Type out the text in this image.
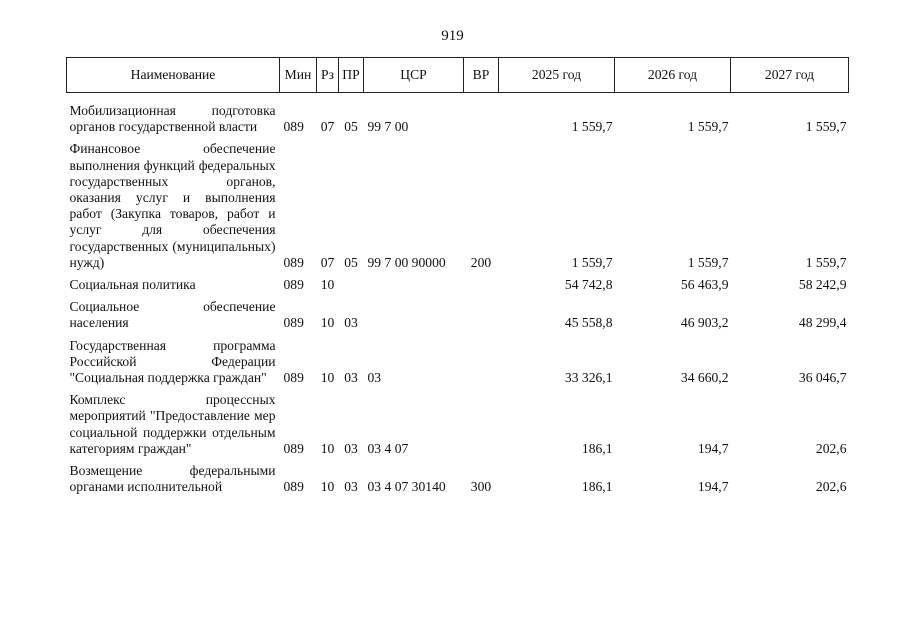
919
Наименование	Мин	Рз	ПР	ЦСР	ВР	2025 год	2026 год	2027 год
Мобилизационная подготовка органов государственной власти	089	07	05	99 7 00		1 559,7	1 559,7	1 559,7
Финансовое обеспечение выполнения функций федеральных государственных органов, оказания услуг и выполнения работ (Закупка товаров, работ и услуг для обеспечения государственных (муниципальных) нужд)	089	07	05	99 7 00 90000	200	1 559,7	1 559,7	1 559,7
Социальная политика	089	10				54 742,8	56 463,9	58 242,9
Социальное обеспечение населения	089	10	03			45 558,8	46 903,2	48 299,4
Государственная программа Российской Федерации "Социальная поддержка граждан"	089	10	03	03		33 326,1	34 660,2	36 046,7
Комплекс процессных мероприятий "Предоставление мер социальной поддержки отдельным категориям граждан"	089	10	03	03 4 07		186,1	194,7	202,6
Возмещение федеральными органами исполнительной	089	10	03	03 4 07 30140	300	186,1	194,7	202,6
